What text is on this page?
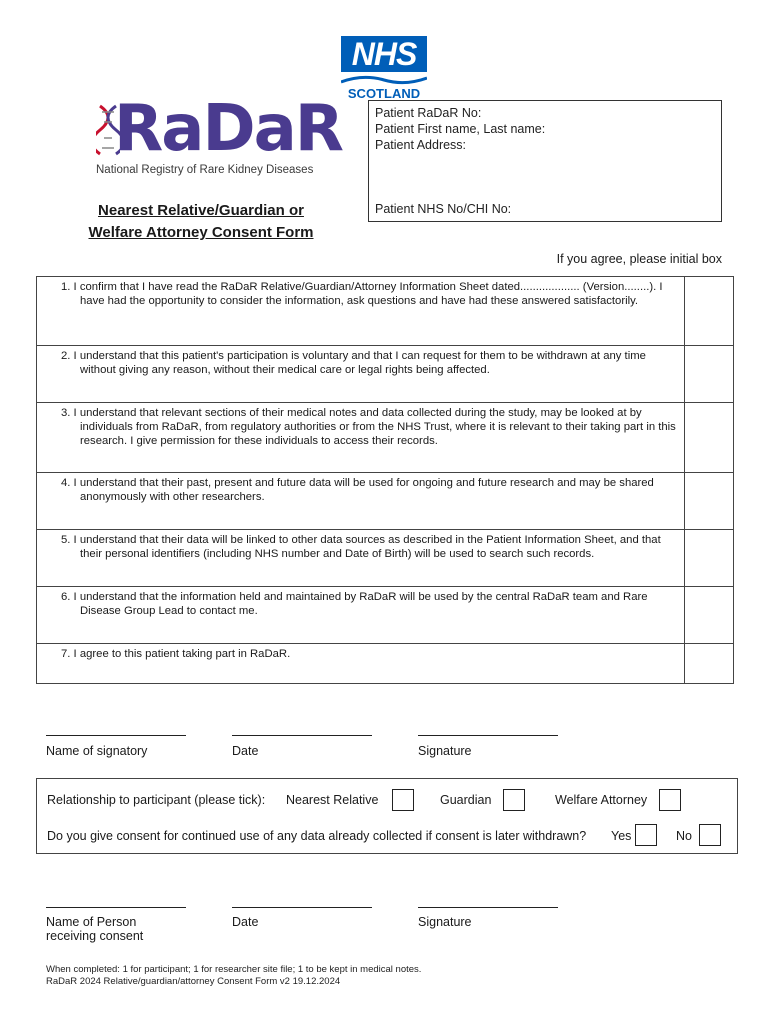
NHS
SCOTLAND
RaDaR
National Registry of Rare Kidney Diseases
Patient RaDaR No:
Patient First name, Last name:
Patient Address:
Patient NHS No/CHI No:
Nearest Relative/Guardian or
Welfare Attorney Consent Form
If you agree, please initial box
1. I confirm that I have read the RaDaR Relative/Guardian/Attorney Information Sheet dated................... (Version........). I have had the opportunity to consider the information, ask questions and have had these answered satisfactorily.	

2. I understand that this patient's participation is voluntary and that I can request for them to be withdrawn at any time without giving any reason, without their medical care or legal rights being affected.	

3. I understand that relevant sections of their medical notes and data collected during the study, may be looked at by individuals from RaDaR, from regulatory authorities or from the NHS Trust, where it is relevant to their taking part in this research. I give permission for these individuals to access their records.	

4. I understand that their past, present and future data will be used for ongoing and future research and may be shared anonymously with other researchers.	

5. I understand that their data will be linked to other data sources as described in the Patient Information Sheet, and that their personal identifiers (including NHS number and Date of Birth) will be used to search such records.	

6. I understand that the information held and maintained by RaDaR will be used by the central RaDaR team and Rare Disease Group Lead to contact me.	

7. I agree to this patient taking part in RaDaR.	

Name of signatory	Date	Signature
Relationship to participant (please tick): Nearest Relative	Guardian	Welfare Attorney
Do you give consent for continued use of any data already collected if consent is later withdrawn? Yes	No
Name of Person
receiving consent
Date	Signature
When completed: 1 for participant; 1 for researcher site file; 1 to be kept in medical notes.
RaDaR 2024 Relative/guardian/attorney Consent Form v2 19.12.2024
